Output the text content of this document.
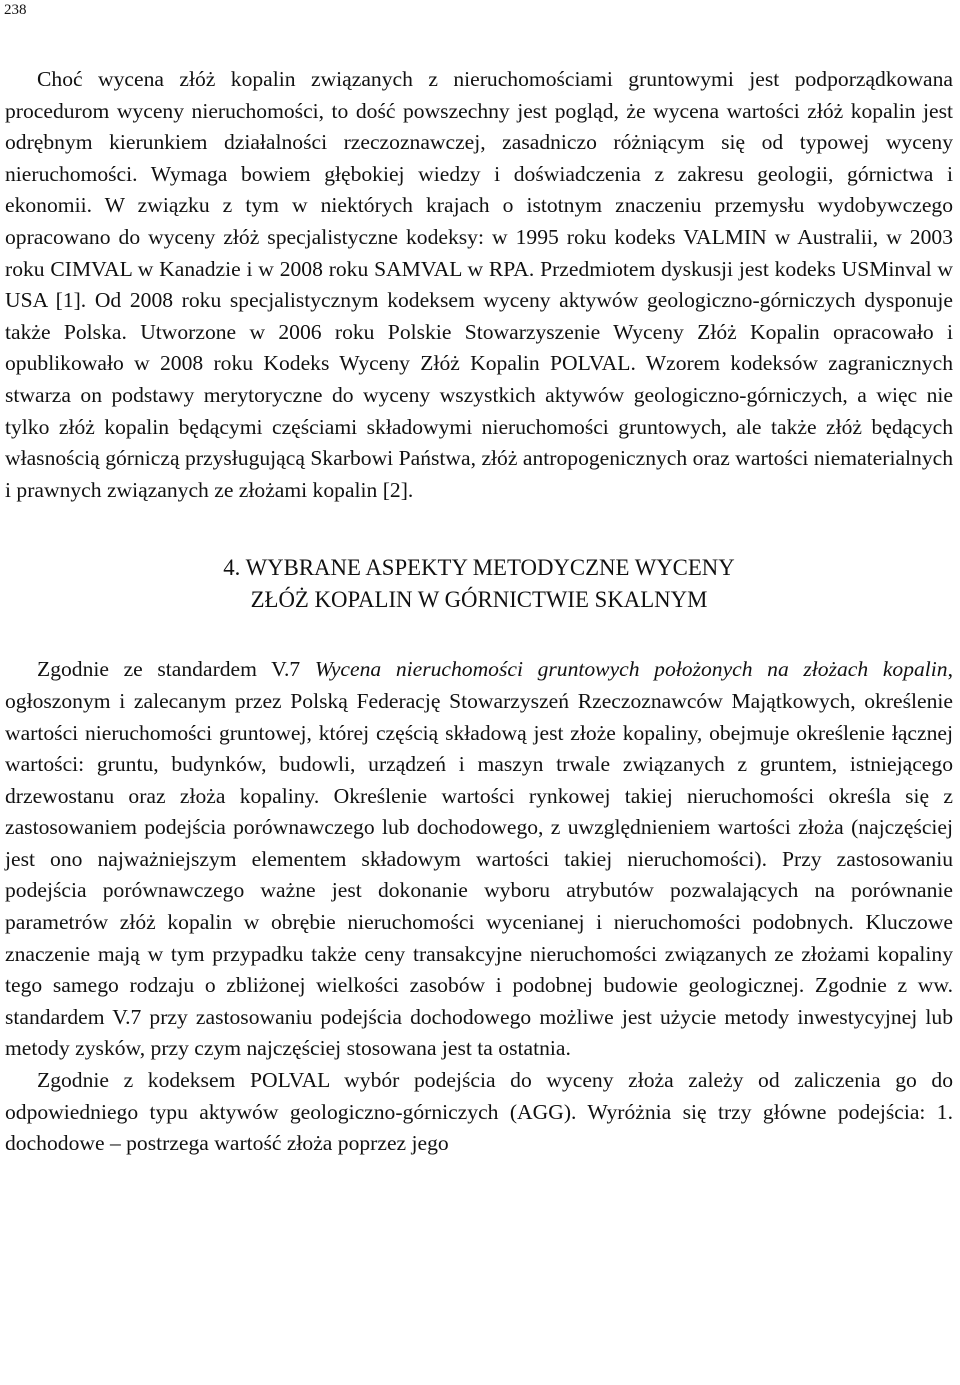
238

Choć wycena złóż kopalin związanych z nieruchomościami gruntowymi jest podporządkowana procedurom wyceny nieruchomości, to dość powszechny jest pogląd, że wycena wartości złóż kopalin jest odrębnym kierunkiem działalności rzeczoznawczej, zasadniczo różniącym się od typowej wyceny nieruchomości. Wymaga bowiem głębokiej wiedzy i doświadczenia z zakresu geologii, górnictwa i ekonomii. W związku z tym w niektórych krajach o istotnym znaczeniu przemysłu wydobywczego opracowano do wyceny złóż specjalistyczne kodeksy: w 1995 roku kodeks VALMIN w Australii, w 2003 roku CIMVAL w Kanadzie i w 2008 roku SAMVAL w RPA. Przedmiotem dyskusji jest kodeks USMinval w USA [1]. Od 2008 roku specjalistycznym kodeksem wyceny aktywów geologiczno-górniczych dysponuje także Polska. Utworzone w 2006 roku Polskie Stowarzyszenie Wyceny Złóż Kopalin opracowało i opublikowało w 2008 roku Kodeks Wyceny Złóż Kopalin POLVAL. Wzorem kodeksów zagranicznych stwarza on podstawy merytoryczne do wyceny wszystkich aktywów geologiczno-górniczych, a więc nie tylko złóż kopalin będącymi częściami składowymi nieruchomości gruntowych, ale także złóż będących własnością górniczą przysługującą Skarbowi Państwa, złóż antropogenicznych oraz wartości niematerialnych i prawnych związanych ze złożami kopalin [2].

4. WYBRANE ASPEKTY METODYCZNE WYCENY
ZŁÓŻ KOPALIN W GÓRNICTWIE SKALNYM

Zgodnie ze standardem V.7 Wycena nieruchomości gruntowych położonych na złożach kopalin, ogłoszonym i zalecanym przez Polską Federację Stowarzyszeń Rzeczoznawców Majątkowych, określenie wartości nieruchomości gruntowej, której częścią składową jest złoże kopaliny, obejmuje określenie łącznej wartości: gruntu, budynków, budowli, urządzeń i maszyn trwale związanych z gruntem, istniejącego drzewostanu oraz złoża kopaliny. Określenie wartości rynkowej takiej nieruchomości określa się z zastosowaniem podejścia porównawczego lub dochodowego, z uwzględnieniem wartości złoża (najczęściej jest ono najważniejszym elementem składowym wartości takiej nieruchomości). Przy zastosowaniu podejścia porównawczego ważne jest dokonanie wyboru atrybutów pozwalających na porównanie parametrów złóż kopalin w obrębie nieruchomości wycenianej i nieruchomości podobnych. Kluczowe znaczenie mają w tym przypadku także ceny transakcyjne nieruchomości związanych ze złożami kopaliny tego samego rodzaju o zbliżonej wielkości zasobów i podobnej budowie geologicznej. Zgodnie z ww. standardem V.7 przy zastosowaniu podejścia dochodowego możliwe jest użycie metody inwestycyjnej lub metody zysków, przy czym najczęściej stosowana jest ta ostatnia.

Zgodnie z kodeksem POLVAL wybór podejścia do wyceny złoża zależy od zaliczenia go do odpowiedniego typu aktywów geologiczno-górniczych (AGG). Wyróżnia się trzy główne podejścia: 1. dochodowe – postrzega wartość złoża poprzez jego
